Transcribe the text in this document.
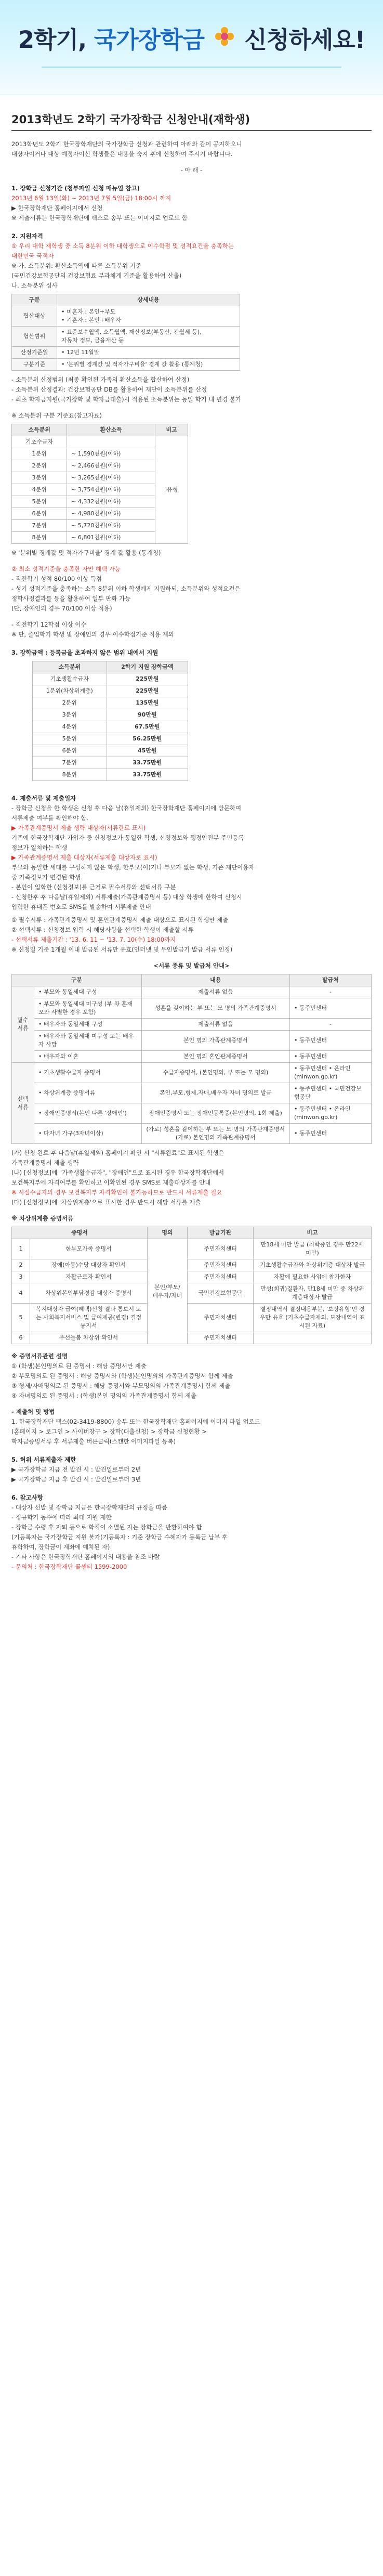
2학기, 국가장학금 신청하세요!
2013학년도 2학기 국가장학금 신청안내(재학생)

2013학년도 2학기 한국장학재단의 국가장학금 신청과 관련하여 아래와 같이 공지하오니

대상자이거나 대상 예정자이신 학생들은 내용을 숙지 후에 신청하여 주시기 바랍니다.

- 아 래 -

1. 장학금 신청기간 (첨부파일 신청 매뉴얼 참고)

2013년 6월 13일(화) ~ 2013년 7월 5일(금) 18:00시 까지

▶ 한국장학재단 홈페이지에서 신청

※ 제출서류는 한국장학재단에 팩스로 송부 또는 이미지로 업로드 함

2. 지원자격

① 우리 대학 재학생 중 소득 8분위 이하 대학생으로 이수학점 및 성적요건을 충족하는

대한민국 국적자

※ 가. 소득분위: 환산소득액에 따른 소득분위 기준

(국민건강보험공단의 건강보험료 부과체계 기준을 활용하여 산출)

나. 소득분위 심사

구분	상세내용
협산대상	• 미혼자 : 본인+부모
• 기혼자 : 본인+배우자

협산범위	• 표준보수월액, 소득월액, 재산정보(부동산, 전월세 등),
자동차 정보, 금융재산 등

산정기준일	• 12년 11월말
구분기준	• '분위별 경계값 및 적자가구비율' 경계 값 활용 (통계청)

- 소득분위 산정범위 (최종 확인된 가족의 환산소득을 합산하여 산정)

- 소득분위 산정결과: 건강보험공단 DB를 활용하여 재단이 소득분위를 산정

- 최초 학자금지원(국가장학 및 학자금대출)시 적용된 소득분위는 동일 학기 내 변경 불가

※ 소득분위 구분 기준표(참고자료)

소득분위	환산소득	비고
기초수급자		Ⅰ유형
1분위	~ 1,590천원(이하)	
2분위	~ 2,466천원(이하)	
3분위	~ 3,265천원(이하)	
4분위	~ 3,754천원(이하)	
5분위	~ 4,332천원(이하)	
6분위	~ 4,980천원(이하)	
7분위	~ 5,720천원(이하)	
8분위	~ 6,801천원(이하)	

※ '분위별 경계값 및 적자가구비율' 경계 값 활용 (통계청)

② 최소 성적기준을 충족한 자만 혜택 가능

- 직전학기 성적 80/100 이상 득점

- 성기 성적기준을 충족하는 소득 8분위 이하 학생에게 지원하되, 소득분위와 성적요건은

정학사정결과를 등을 활용하여 일부 판화 가능

(단, 장애인의 경우 70/100 이상 적용)

- 직전학기 12학점 이상 이수

※ 단, 졸업학기 학생 및 장애인의 경우 이수학점기준 적용 제외

3. 장학금액 : 등록금을 초과하지 않은 범위 내에서 지원

소득분위	2학기 지원 장학금액
기초생활수급자	225만원
1분위(차상위계층)	225만원
2분위	135만원
3분위	90만원
4분위	67.5만원
5분위	56.25만원
6분위	45만원
7분위	33.75만원
8분위	33.75만원

4. 제출서류 및 제출일자

- 장학금 신청을 한 학생은 신청 후 다음 날(휴일제외) 한국장학재단 홈페이지에 방문하여

서류제출 여부를 확인해야 함.

▶ 가족관계증명서 제출 생략 대상자(서류란로 표시)

기존에 한국장학재단 가입자 중 신청정보가 동일한 학생, 신청정보와 행정안전부 주민등록

정보가 일치하는 학생

▶ 가족관계증명서 제출 대상자(서류제출 대상자로 표시)

부모와 동일한 세대를 구성하지 않은 학생, 한부모(이)거나 부모가 없는 학생, 기존 재단이용자

중 가족정보가 변경된 학생

- 본인이 입학한 (신청정보)를 근거로 필수서류와 선택서류 구분

- 신청한후 후 다음날(휴일제외) 서류제출(가족관계증명서 등) 대상 학생에 한하여 신청시

입력한 휴대폰 번호로 SMS를 발송하여 서류제출 안내

① 필수서류 : 가족관계증명서 및 혼인관계증명서 제출 대상으로 표시된 학생만 제출

② 선택서류 : 신청정보 입력 시 해당사항을 선택한 학생이 제출할 서류

- 선택서류 제출기간 : '13. 6. 11 ~ '13. 7. 10(수) 18:00까지

※ 신청일 기준 1개월 이내 발급된 서류만 유효(인터넷 및 무인발급기 발급 서류 인정)

<서류 종류 및 발급처 안내>

구분		내용	발급처
필수서류	• 부모와 동일세대 구성	제출서류 없음	-
	• 부모와 동일세대 미구성 (부·母 혼재 오와 사별한 경우 포함)	성혼을 갖이하는 부 또는 모 명의 가족관계증명서	• 동주민센터
	• 배우자와 동일세대 구성	제출서류 없음	-
	• 배우자와 동일세대 미구성 또는 배우자 사망	본인 명의 가족관계증명서	• 동주민센터
	• 배우자와 이혼	본인 명의 혼인관계증명서	• 동주민센터
선택서류	• 기초생활수급자 증명서	수급자증명서, (본인명의, 부 또는 모 명의)	• 동주민센터 • 온라인(minwon.go.kr)
	• 차상위계층 증명서류	본인,부모,형제,자매,배우자 자녀 명의로 발급	• 동주민센터 • 국민건강보험공단
	• 장애인증명서(본인 다른 '장애인')	장애인증명서 또는 장애인등록증(본인명의, 1회 제출)	• 동주민센터 • 온라인(minwon.go.kr)
	• 다자녀 가구(3자녀이상)	(가로) 성혼을 같이하는 부 또는 모 명의 가족관계증명서 (가로) 본인명의 가족관계증명서	• 동주민센터

(가) 신청 완료 후 다음날(휴일제외) 홈페이지 확인 시 "서류완료"로 표시된 학생은

가족관계증명서 제출 생략

(나) [신청정보]에 "가족생활수급자", "장애인"으로 표시된 경우 한국장학재단에서

보건복지부에 자격여부를 확인하고 이확인된 경우 SMS로 제출대상자를 안내

※ 시설수급자의 경우 보건복지부 자격확인이 불가능하므로 반드시 서류제출 필요

(다) [신청정보]에 '차상위계층'으로 표시한 경우 반드시 해당 서류를 제출

※ 차상위계층 증명서류

증명서		명의	발급기관	비고
1	한부모가족 증명서	본인/부모/배우자/자녀	주민자치센터	만18세 미만 발급 (취학중인 경우 만22세 미만)
2	장애(아동)수당 대상자 확인서		주민자치센터	기초생활수급자와 차상위계층 대상자 발급
3	자활근로자 확인서		주민자치센터	자활에 필요한 사업에 참가한자
4	차상위본인부담경감 대상자 증명서		국민건강보험공단	만성(희귀)질환자, 만18세 미만 중 차상위계층대상자 발급
5	복지대상자 급여(혜택)신청 결과 통보서 또는 사회복지서비스 및 급여제공(변경) 결정통지서		주민자치센터	결정내역서 결정내용부분, '보장유형'인 경우만 유효 (기초수급자제외, 보장내역이 표시된 자료)
6	우선돌봄 차상위 확인서		주민자치센터	

※ 증명서류관련 설명

① (학생)본인명의로 된 증명서 : 해당 증명서만 제출

② 부모명의로 된 증명서 : 해당 증명서와 (학생)본인명의의 가족관계증명서 함께 제출

③ 형제/자매명의로 된 증명서 : 해당 증명서와 부모명의의 가족관계증명서 함께 제출

④ 자녀명의로 된 증명서 : (학생)본인 명의의 가족관계증명서 함께 제출

- 제출처 및 방법

1. 한국장학재단 팩스(02-3419-8800) 송부 또는 한국장학재단 홈페이지에 이미지 파일 업로드

(홈페이지 > 로그인 > 사이버창구 > 장학(대출신청) > 장학금 신청현황 >

학자금증빙서류 후 서류제출 버튼클릭(스캔한 이미지파일 등록)

5. 허위 서류제출자 제한

▶ 국가장학금 지급 전 발견 시 : 발견일로부터 2년

▶ 국가장학금 지급 후 발견 시 : 발견일로부터 3년

6. 참고사항

- 대상자 선발 및 장학금 지급은 한국장학재단의 규정을 따름

- 정규학기 동수에 따라 최대 지원 제한

- 장학금 수령 후 자퇴 등으로 학적이 소멸된 자는 장학금을 반환하여야 함

(기등록자는 국가장학금 지원 불가(기등록자 : 기준 장학금 수혜자가 등록금 납부 후

휴학하여, 장학금이 계좌에 예치된 자)

- 기타 사항은 한국장학재단 홈페이지의 내용을 참조 바람

- 문의처 : 한국장학재단 콜센터 1599-2000
